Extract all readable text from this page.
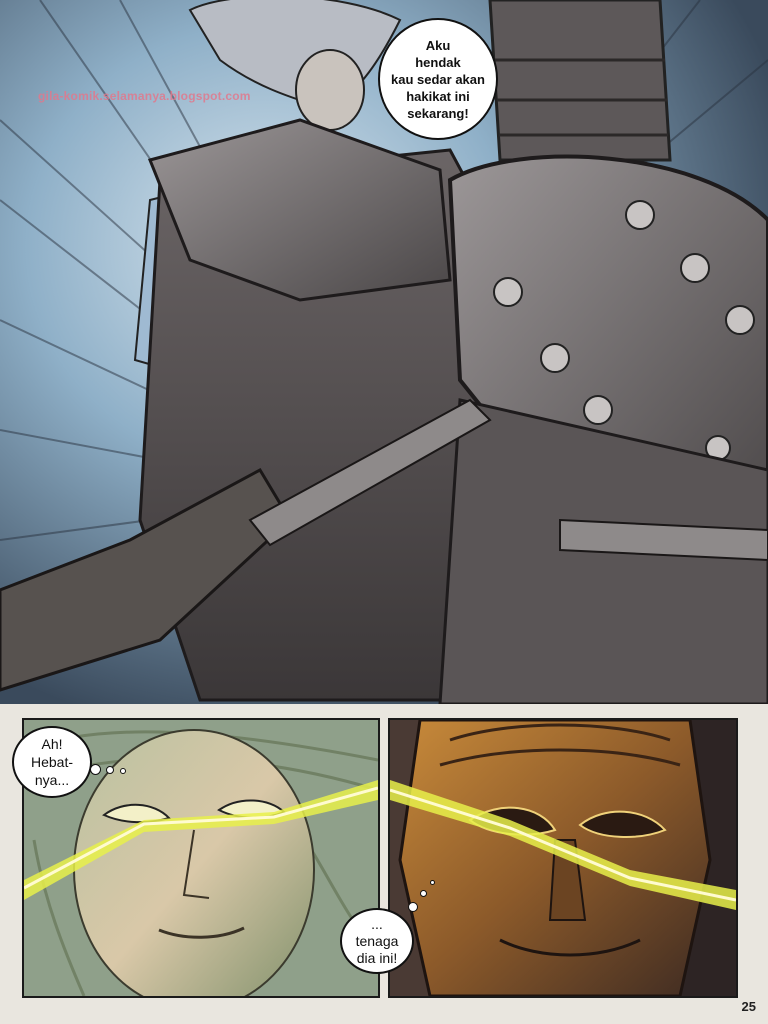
gila-komik.selamanya.blogspot.com
Aku
hendak
kau sedar akan
hakikat ini
sekarang!
Ah!
Hebat-
nya...
...
tenaga
dia ini!
25
